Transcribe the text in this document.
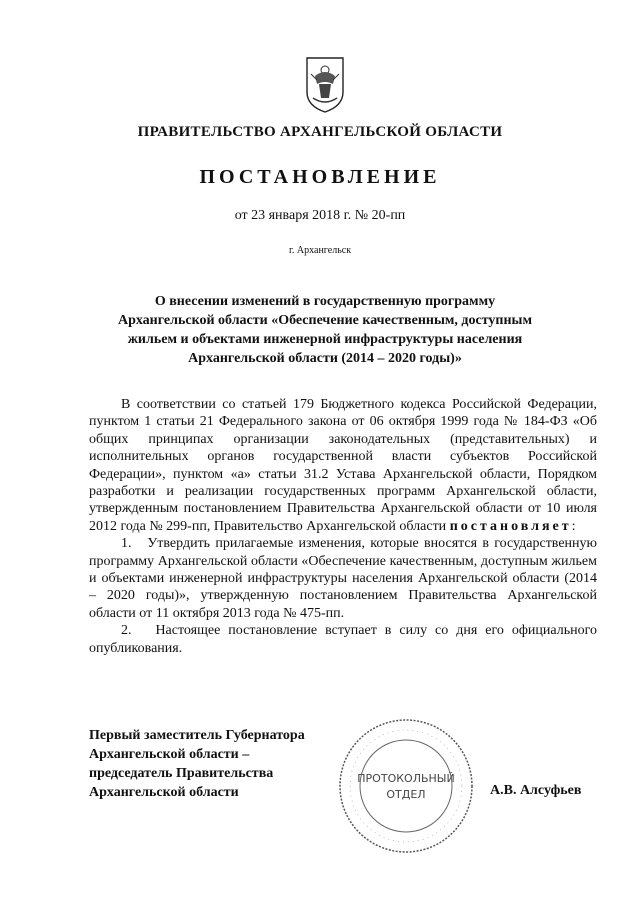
ПРАВИТЕЛЬСТВО АРХАНГЕЛЬСКОЙ ОБЛАСТИ
ПОСТАНОВЛЕНИЕ
от 23 января 2018 г. № 20-пп
г. Архангельск
О внесении изменений в государственную программу
Архангельской области «Обеспечение качественным, доступным
жильем и объектами инженерной инфраструктуры населения
Архангельской области (2014 – 2020 годы)»

В соответствии со статьей 179 Бюджетного кодекса Российской Федерации, пунктом 1 статьи 21 Федерального закона от 06 октября 1999 года № 184-ФЗ «Об общих принципах организации законодательных (представительных) и исполнительных органов государственной власти субъектов Российской Федерации», пунктом «а» статьи 31.2 Устава Архангельской области, Порядком разработки и реализации государственных программ Архангельской области, утвержденным постановлением Правительства Архангельской области от 10 июля 2012 года № 299-пп, Правительство Архангельской области постановляет:

1. Утвердить прилагаемые изменения, которые вносятся в государственную программу Архангельской области «Обеспечение качественным, доступным жильем и объектами инженерной инфраструктуры населения Архангельской области (2014 – 2020 годы)», утвержденную постановлением Правительства Архангельской области от 11 октября 2013 года № 475-пп.

2. Настоящее постановление вступает в силу со дня его официального опубликования.

Первый заместитель Губернатора
Архангельской области –
председатель Правительства
Архангельской области
ПРОТОКОЛЬНЫЙ
ОТДЕЛ	А.В. Алсуфьев
